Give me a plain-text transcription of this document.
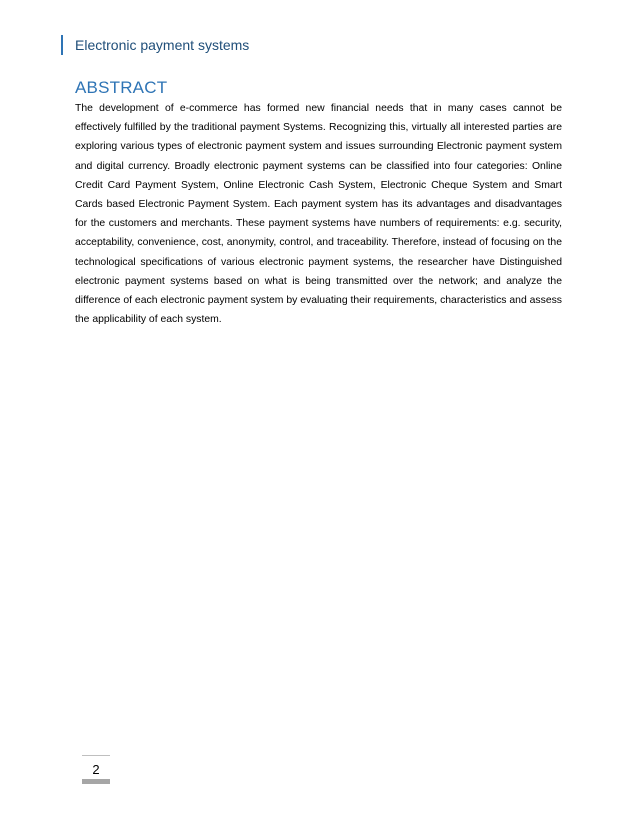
Electronic payment systems
ABSTRACT
The development of e-commerce has formed new financial needs that in many cases cannot be effectively fulfilled by the traditional payment Systems. Recognizing this, virtually all interested parties are exploring various types of electronic payment system and issues surrounding Electronic payment system and digital currency. Broadly electronic payment systems can be classified into four categories: Online Credit Card Payment System, Online Electronic Cash System, Electronic Cheque System and Smart Cards based Electronic Payment System. Each payment system has its advantages and disadvantages for the customers and merchants. These payment systems have numbers of requirements: e.g. security, acceptability, convenience, cost, anonymity, control, and traceability. Therefore, instead of focusing on the technological specifications of various electronic payment systems, the researcher have Distinguished electronic payment systems based on what is being transmitted over the network; and analyze the difference of each electronic payment system by evaluating their requirements, characteristics and assess the applicability of each system.
2
